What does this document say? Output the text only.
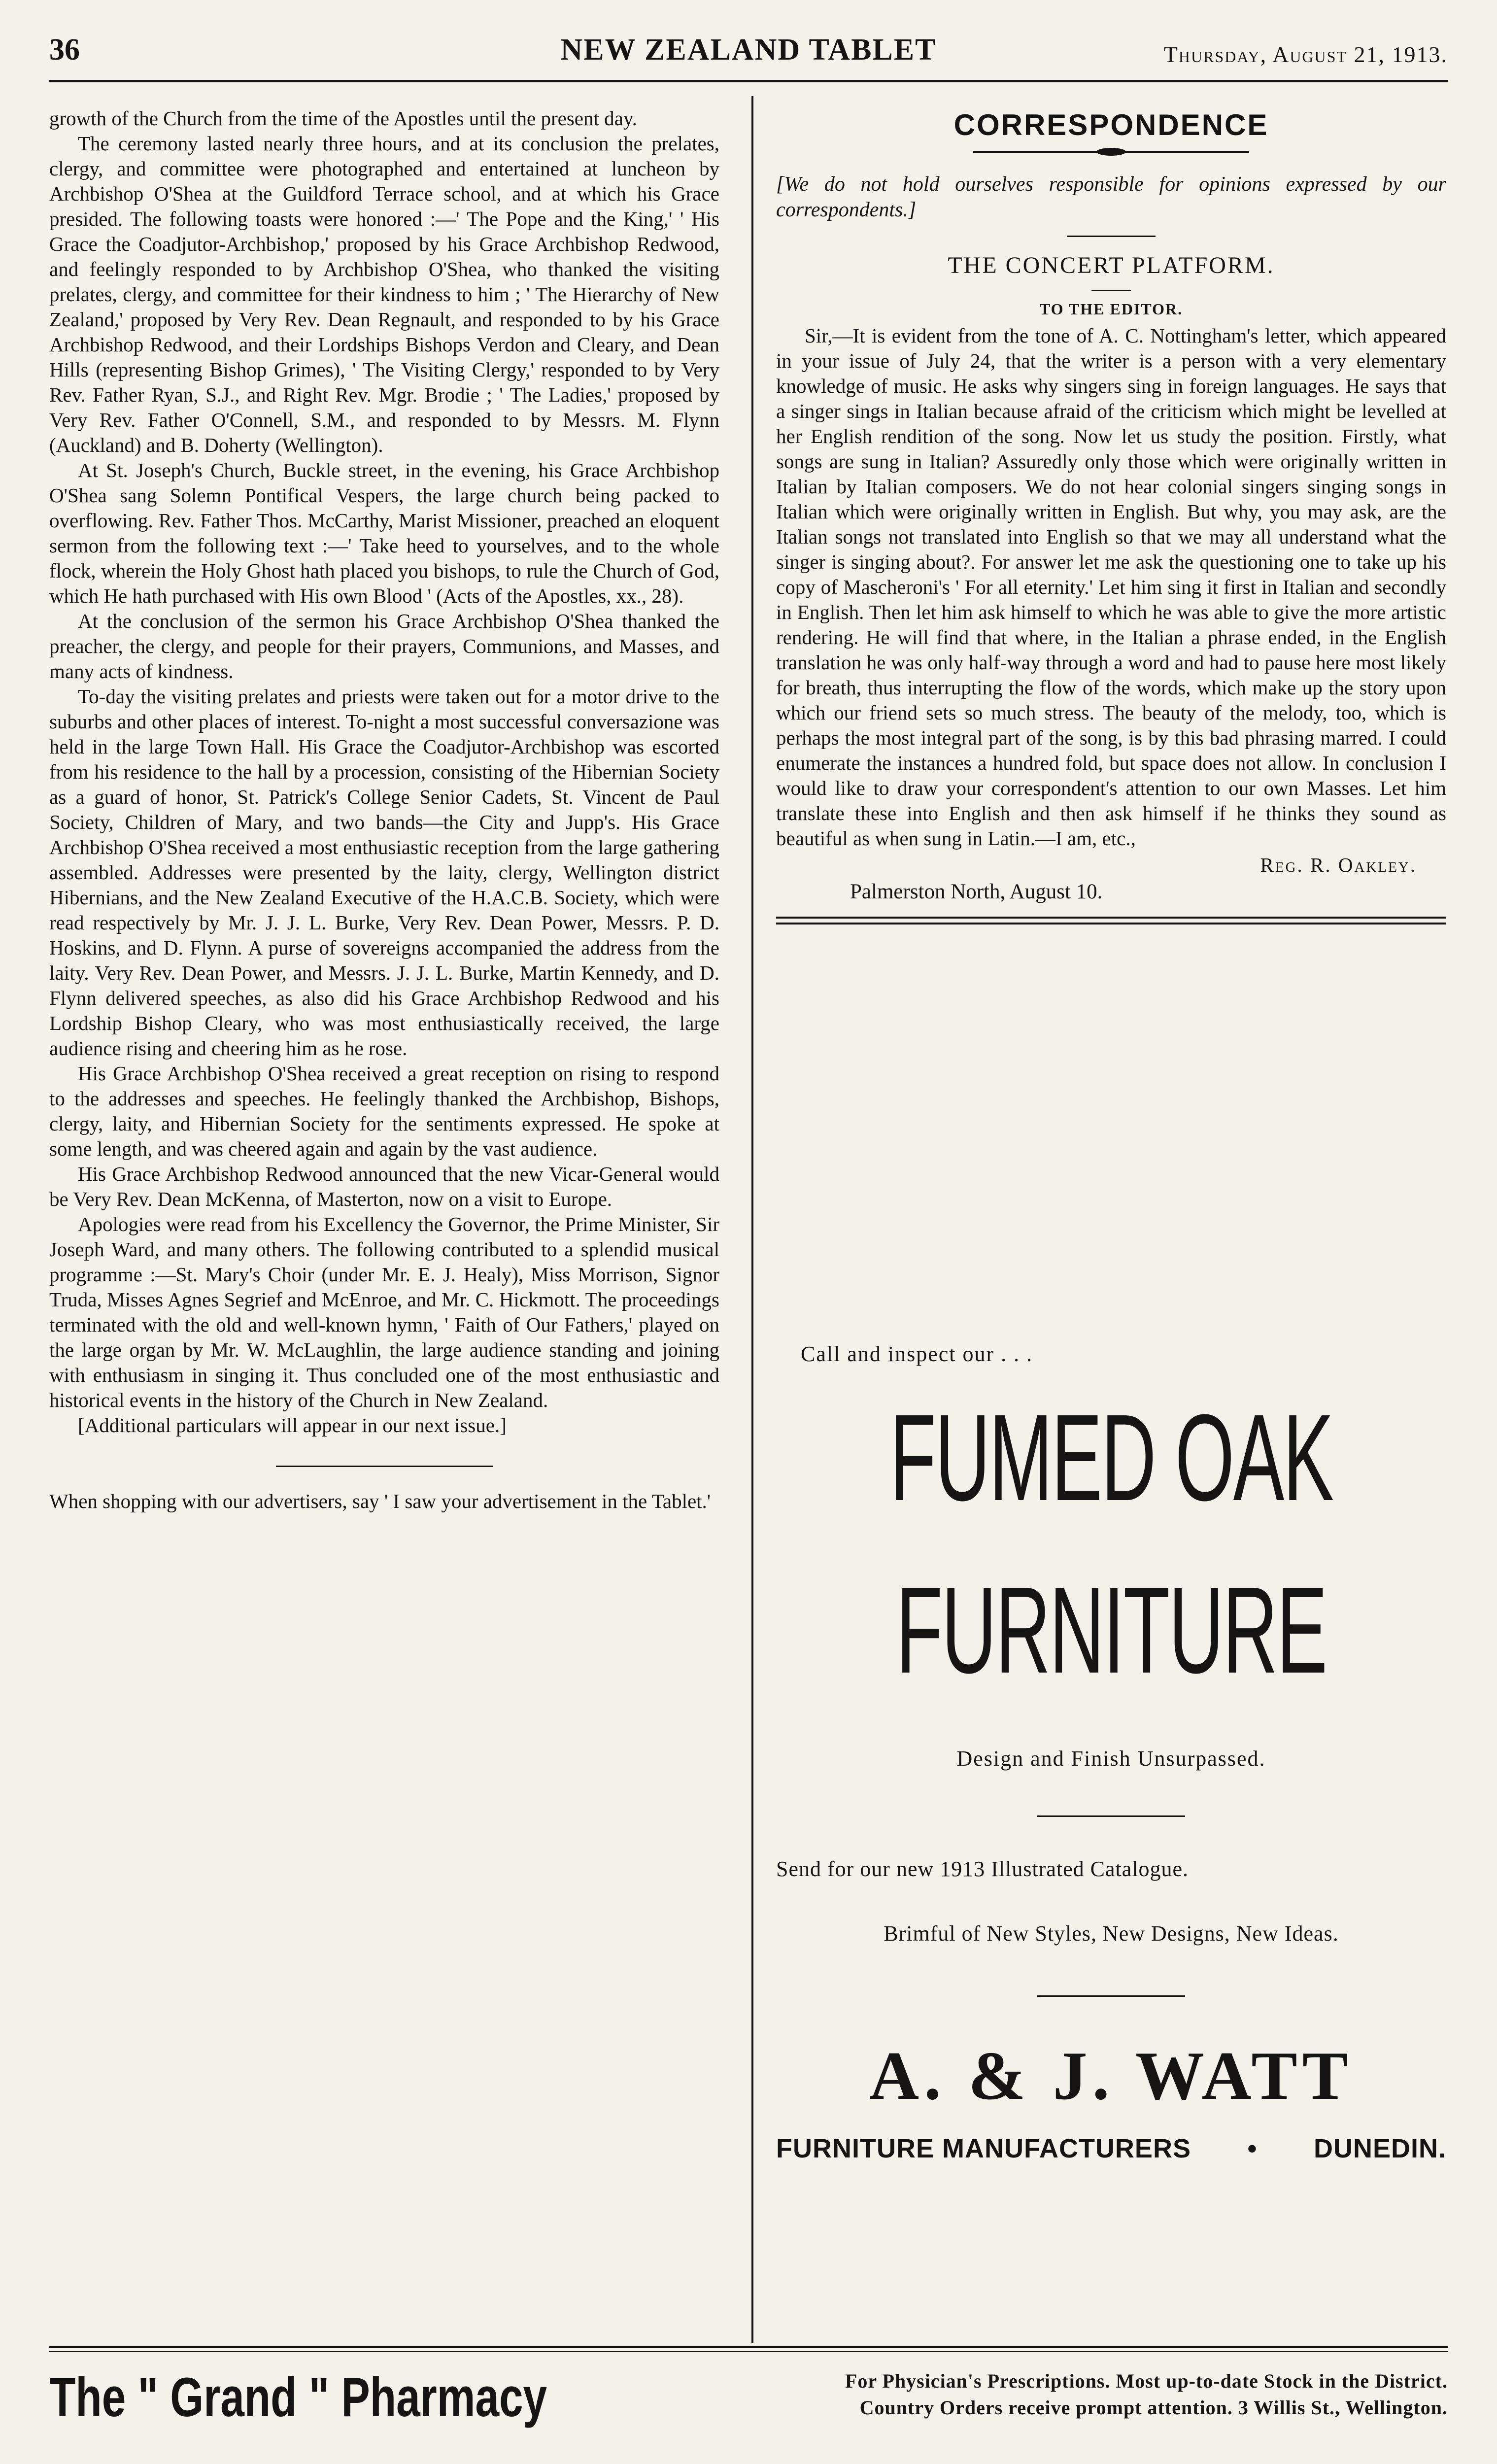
36	NEW ZEALAND TABLET	Thursday, August 21, 1913.

growth of the Church from the time of the Apostles until the present day.

The ceremony lasted nearly three hours, and at its conclusion the prelates, clergy, and committee were photographed and entertained at luncheon by Archbishop O'Shea at the Guildford Terrace school, and at which his Grace presided. The following toasts were honored :—' The Pope and the King,' ' His Grace the Coadjutor-Archbishop,' proposed by his Grace Archbishop Redwood, and feelingly responded to by Archbishop O'Shea, who thanked the visiting prelates, clergy, and committee for their kindness to him ; ' The Hierarchy of New Zealand,' proposed by Very Rev. Dean Regnault, and responded to by his Grace Archbishop Redwood, and their Lordships Bishops Verdon and Cleary, and Dean Hills (representing Bishop Grimes), ' The Visiting Clergy,' responded to by Very Rev. Father Ryan, S.J., and Right Rev. Mgr. Brodie ; ' The Ladies,' proposed by Very Rev. Father O'Connell, S.M., and responded to by Messrs. M. Flynn (Auckland) and B. Doherty (Wellington).

At St. Joseph's Church, Buckle street, in the evening, his Grace Archbishop O'Shea sang Solemn Pontifical Vespers, the large church being packed to overflowing. Rev. Father Thos. McCarthy, Marist Missioner, preached an eloquent sermon from the following text :—' Take heed to yourselves, and to the whole flock, wherein the Holy Ghost hath placed you bishops, to rule the Church of God, which He hath purchased with His own Blood ' (Acts of the Apostles, xx., 28).

At the conclusion of the sermon his Grace Archbishop O'Shea thanked the preacher, the clergy, and people for their prayers, Communions, and Masses, and many acts of kindness.

To-day the visiting prelates and priests were taken out for a motor drive to the suburbs and other places of interest. To-night a most successful conversazione was held in the large Town Hall. His Grace the Coadjutor-Archbishop was escorted from his residence to the hall by a procession, consisting of the Hibernian Society as a guard of honor, St. Patrick's College Senior Cadets, St. Vincent de Paul Society, Children of Mary, and two bands—the City and Jupp's. His Grace Archbishop O'Shea received a most enthusiastic reception from the large gathering assembled. Addresses were presented by the laity, clergy, Wellington district Hibernians, and the New Zealand Executive of the H.A.C.B. Society, which were read respectively by Mr. J. J. L. Burke, Very Rev. Dean Power, Messrs. P. D. Hoskins, and D. Flynn. A purse of sovereigns accompanied the address from the laity. Very Rev. Dean Power, and Messrs. J. J. L. Burke, Martin Kennedy, and D. Flynn delivered speeches, as also did his Grace Archbishop Redwood and his Lordship Bishop Cleary, who was most enthusiastically received, the large audience rising and cheering him as he rose.

His Grace Archbishop O'Shea received a great reception on rising to respond to the addresses and speeches. He feelingly thanked the Archbishop, Bishops, clergy, laity, and Hibernian Society for the sentiments expressed. He spoke at some length, and was cheered again and again by the vast audience.

His Grace Archbishop Redwood announced that the new Vicar-General would be Very Rev. Dean McKenna, of Masterton, now on a visit to Europe.

Apologies were read from his Excellency the Governor, the Prime Minister, Sir Joseph Ward, and many others. The following contributed to a splendid musical programme :—St. Mary's Choir (under Mr. E. J. Healy), Miss Morrison, Signor Truda, Misses Agnes Segrief and McEnroe, and Mr. C. Hickmott. The proceedings terminated with the old and well-known hymn, ' Faith of Our Fathers,' played on the large organ by Mr. W. McLaughlin, the large audience standing and joining with enthusiasm in singing it. Thus concluded one of the most enthusiastic and historical events in the history of the Church in New Zealand.

[Additional particulars will appear in our next issue.]

When shopping with our advertisers, say ' I saw your advertisement in the Tablet.'
CORRESPONDENCE
[We do not hold ourselves responsible for opinions expressed by our correspondents.]
THE CONCERT PLATFORM.
TO THE EDITOR.

Sir,—It is evident from the tone of A. C. Nottingham's letter, which appeared in your issue of July 24, that the writer is a person with a very elementary knowledge of music. He asks why singers sing in foreign languages. He says that a singer sings in Italian because afraid of the criticism which might be levelled at her English rendition of the song. Now let us study the position. Firstly, what songs are sung in Italian? Assuredly only those which were originally written in Italian by Italian composers. We do not hear colonial singers singing songs in Italian which were originally written in English. But why, you may ask, are the Italian songs not translated into English so that we may all understand what the singer is singing about?. For answer let me ask the questioning one to take up his copy of Mascheroni's ' For all eternity.' Let him sing it first in Italian and secondly in English. Then let him ask himself to which he was able to give the more artistic rendering. He will find that where, in the Italian a phrase ended, in the English translation he was only half-way through a word and had to pause here most likely for breath, thus interrupting the flow of the words, which make up the story upon which our friend sets so much stress. The beauty of the melody, too, which is perhaps the most integral part of the song, is by this bad phrasing marred. I could enumerate the instances a hundred fold, but space does not allow. In conclusion I would like to draw your correspondent's attention to our own Masses. Let him translate these into English and then ask himself if he thinks they sound as beautiful as when sung in Latin.—I am, etc.,

Reg. R. Oakley.
Palmerston North, August 10.
Call and inspect our . . .
FUMED OAK
FURNITURE
Design and Finish Unsurpassed.
Send for our new 1913 Illustrated Catalogue.
Brimful of New Styles, New Designs, New Ideas.
A. & J. WATT
FURNITURE MANUFACTURERS • DUNEDIN.
The " Grand " Pharmacy	For Physician's Prescriptions. Most up-to-date Stock in the District.
Country Orders receive prompt attention. 3 Willis St., Wellington.
